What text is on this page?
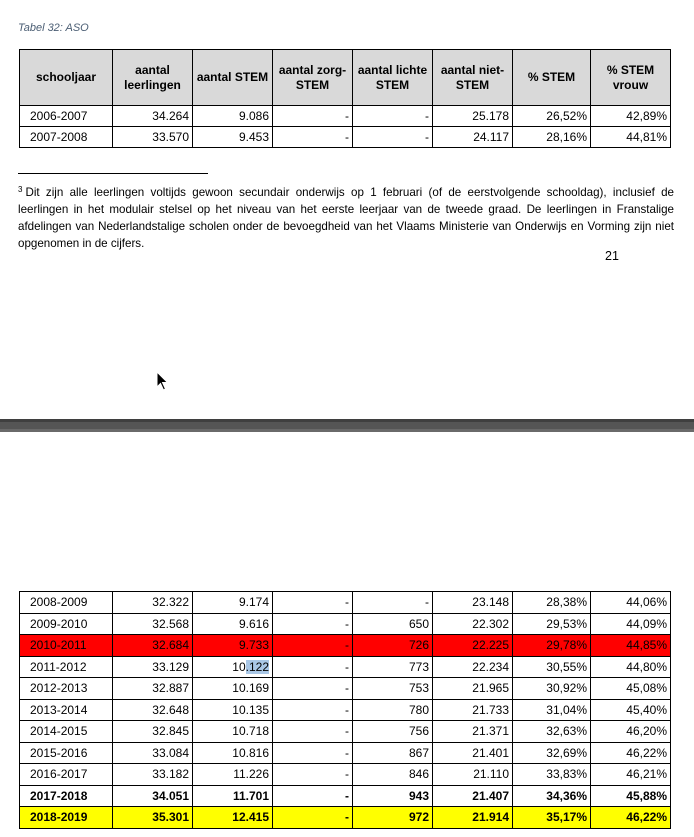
Tabel 32: ASO
schooljaar	aantal leerlingen	aantal STEM	aantal zorg-STEM	aantal lichte STEM	aantal niet-STEM	% STEM	% STEM vrouw
2006-2007	34.264	9.086	-	-	25.178	26,52%	42,89%
2007-2008	33.570	9.453	-	-	24.117	28,16%	44,81%
$^3$ Dit zijn alle leerlingen voltijds gewoon secundair onderwijs op 1 februari (of de eerstvolgende schooldag), inclusief de leerlingen in het modulair stelsel op het niveau van het eerste leerjaar van de tweede graad. De leerlingen in Franstalige afdelingen van Nederlandstalige scholen onder de bevoegdheid van het Vlaams Ministerie van Onderwijs en Vorming zijn niet opgenomen in de cijfers.
21
2008-2009	32.322	9.174	-	-	23.148	28,38%	44,06%
2009-2010	32.568	9.616	-	650	22.302	29,53%	44,09%
2010-2011	32.684	9.733	-	726	22.225	29,78%	44,85%
2011-2012	33.129	10.122	-	773	22.234	30,55%	44,80%
2012-2013	32.887	10.169	-	753	21.965	30,92%	45,08%
2013-2014	32.648	10.135	-	780	21.733	31,04%	45,40%
2014-2015	32.845	10.718	-	756	21.371	32,63%	46,20%
2015-2016	33.084	10.816	-	867	21.401	32,69%	46,22%
2016-2017	33.182	11.226	-	846	21.110	33,83%	46,21%
2017-2018	34.051	11.701	-	943	21.407	34,36%	45,88%
2018-2019	35.301	12.415	-	972	21.914	35,17%	46,22%
